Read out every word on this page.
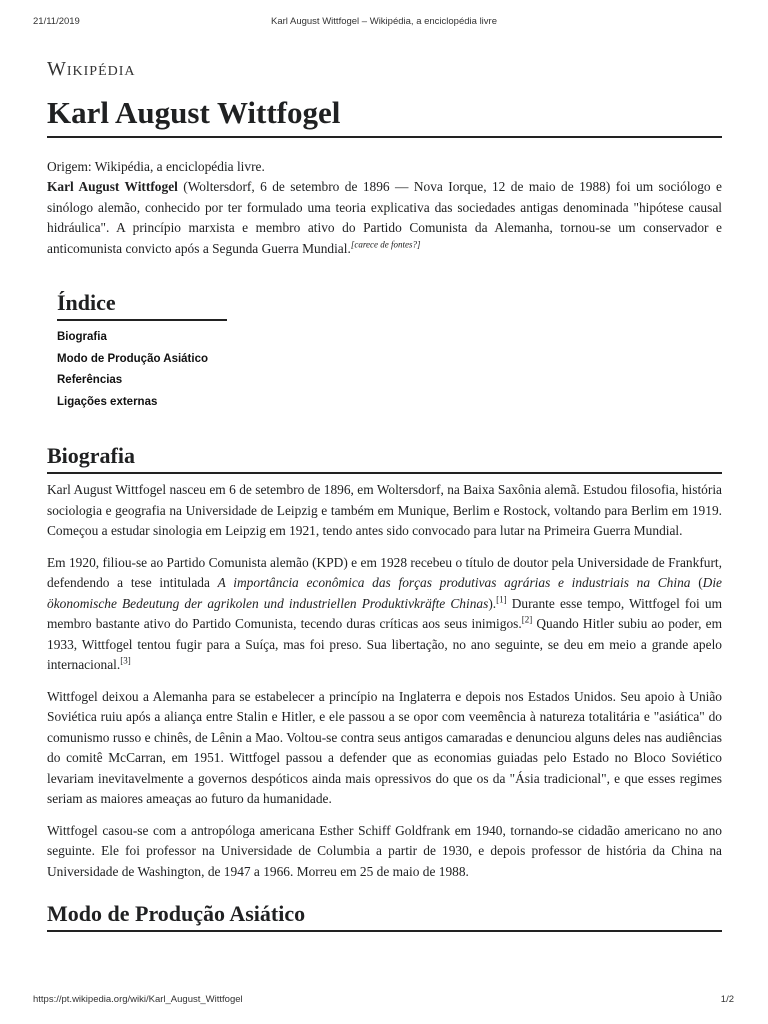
21/11/2019	Karl August Wittfogel – Wikipédia, a enciclopédia livre
Wikipédia
Karl August Wittfogel
Origem: Wikipédia, a enciclopédia livre.

Karl August Wittfogel (Woltersdorf, 6 de setembro de 1896 — Nova Iorque, 12 de maio de 1988) foi um sociólogo e sinólogo alemão, conhecido por ter formulado uma teoria explicativa das sociedades antigas denominada "hipótese causal hidráulica". A princípio marxista e membro ativo do Partido Comunista da Alemanha, tornou-se um conservador e anticomunista convicto após a Segunda Guerra Mundial.[carece de fontes?]

Índice
Biografia
Modo de Produção Asiático
Referências
Ligações externas
Biografia

Karl August Wittfogel nasceu em 6 de setembro de 1896, em Woltersdorf, na Baixa Saxônia alemã. Estudou filosofia, história sociologia e geografia na Universidade de Leipzig e também em Munique, Berlim e Rostock, voltando para Berlim em 1919. Começou a estudar sinologia em Leipzig em 1921, tendo antes sido convocado para lutar na Primeira Guerra Mundial.

Em 1920, filiou-se ao Partido Comunista alemão (KPD) e em 1928 recebeu o título de doutor pela Universidade de Frankfurt, defendendo a tese intitulada A importância econômica das forças produtivas agrárias e industriais na China (Die ökonomische Bedeutung der agrikolen und industriellen Produktivkräfte Chinas).[1] Durante esse tempo, Wittfogel foi um membro bastante ativo do Partido Comunista, tecendo duras críticas aos seus inimigos.[2] Quando Hitler subiu ao poder, em 1933, Wittfogel tentou fugir para a Suíça, mas foi preso. Sua libertação, no ano seguinte, se deu em meio a grande apelo internacional.[3]

Wittfogel deixou a Alemanha para se estabelecer a princípio na Inglaterra e depois nos Estados Unidos. Seu apoio à União Soviética ruiu após a aliança entre Stalin e Hitler, e ele passou a se opor com veemência à natureza totalitária e "asiática" do comunismo russo e chinês, de Lênin a Mao. Voltou-se contra seus antigos camaradas e denunciou alguns deles nas audiências do comitê McCarran, em 1951. Wittfogel passou a defender que as economias guiadas pelo Estado no Bloco Soviético levariam inevitavelmente a governos despóticos ainda mais opressivos do que os da "Ásia tradicional", e que esses regimes seriam as maiores ameaças ao futuro da humanidade.

Wittfogel casou-se com a antropóloga americana Esther Schiff Goldfrank em 1940, tornando-se cidadão americano no ano seguinte. Ele foi professor na Universidade de Columbia a partir de 1930, e depois professor de história da China na Universidade de Washington, de 1947 a 1966. Morreu em 25 de maio de 1988.

Modo de Produção Asiático
https://pt.wikipedia.org/wiki/Karl_August_Wittfogel	1/2
